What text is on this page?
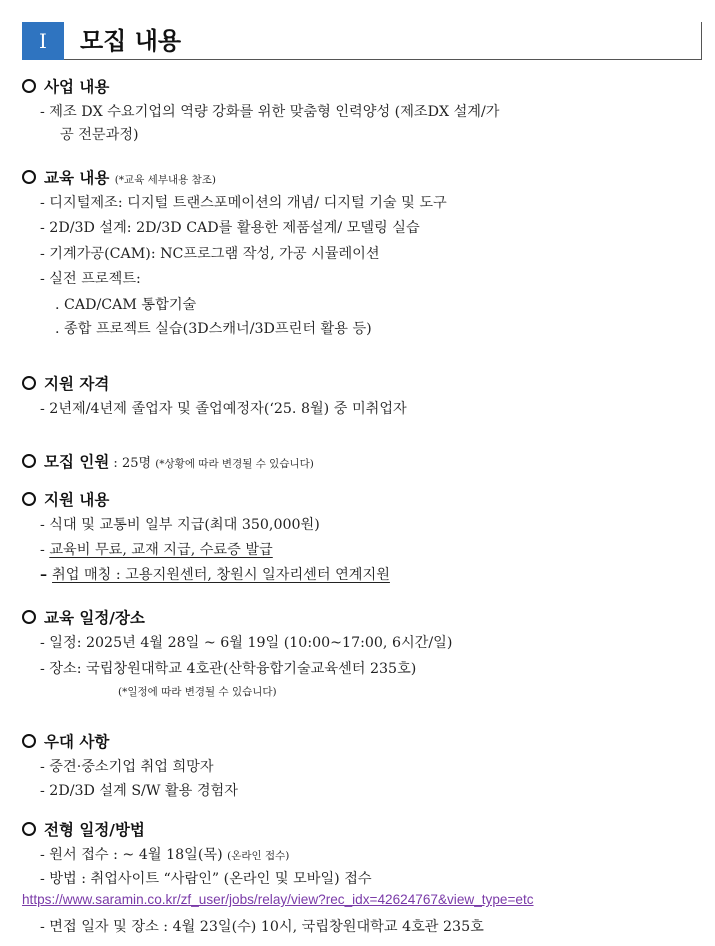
I	모집 내용
사업 내용
- 제조 DX 수요기업의 역량 강화를 위한 맞춤형 인력양성 (제조DX 설계/가
공 전문과정)
교육 내용 (*교육 세부내용 참조)
- 디지털제조: 디지털 트랜스포메이션의 개념/ 디지털 기술 및 도구
- 2D/3D 설계: 2D/3D CAD를 활용한 제품설계/ 모델링 실습
- 기계가공(CAM): NC프로그램 작성, 가공 시뮬레이션
- 실전 프로젝트:
. CAD/CAM 통합기술
. 종합 프로젝트 실습(3D스캐너/3D프린터 활용 등)
지원 자격
- 2년제/4년제 졸업자 및 졸업예정자(‘25. 8월) 중 미취업자
모집 인원 : 25명 (*상황에 따라 변경될 수 있습니다)
지원 내용
- 식대 및 교통비 일부 지급(최대 350,000원)
- 교육비 무료, 교재 지급, 수료증 발급
– 취업 매칭 : 고용지원센터, 창원시 일자리센터 연계지원
교육 일정/장소
- 일정: 2025년 4월 28일 ~ 6월 19일 (10:00~17:00, 6시간/일)
- 장소: 국립창원대학교 4호관(산학융합기술교육센터 235호)
(*일정에 따라 변경될 수 있습니다)
우대 사항
- 중견·중소기업 취업 희망자
- 2D/3D 설계 S/W 활용 경험자
전형 일정/방법
- 원서 접수 : ~ 4월 18일(목) (온라인 접수)
- 방법 : 취업사이트 “사람인” (온라인 및 모바일) 접수
https://www.saramin.co.kr/zf_user/jobs/relay/view?rec_idx=42624767&view_type=etc
- 면접 일자 및 장소 : 4월 23일(수) 10시, 국립창원대학교 4호관 235호
